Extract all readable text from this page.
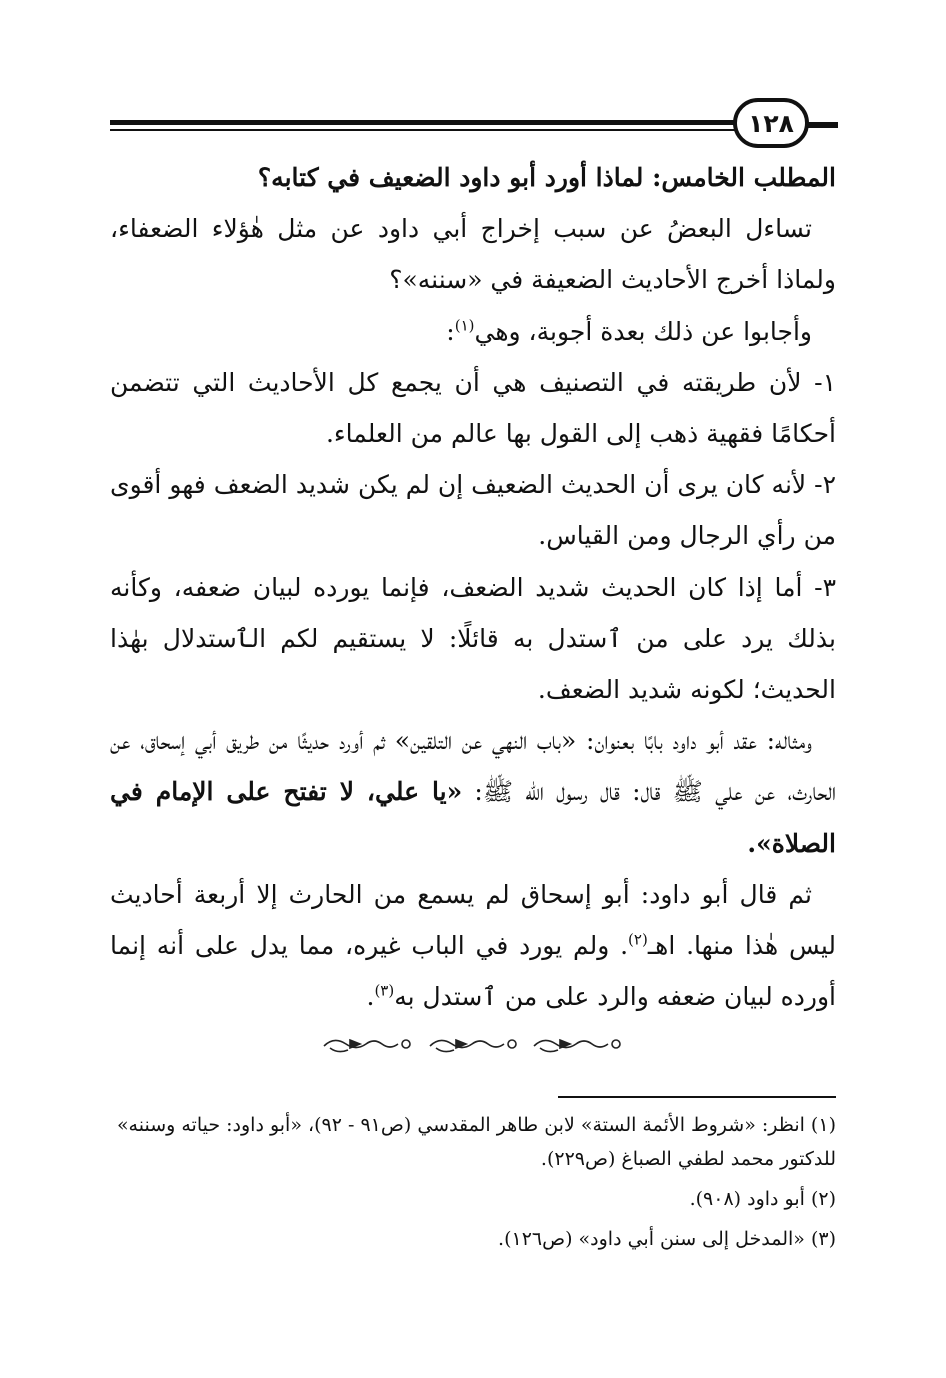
١٢٨

المطلب الخامس: لماذا أورد أبو داود الضعيف في كتابه؟

تساءل البعضُ عن سبب إخراج أبي داود عن مثل هٰؤلاء الضعفاء، ولماذا أخرج الأحاديث الضعيفة في «سننه»؟

وأجابوا عن ذلك بعدة أجوبة، وهي$^{(١)}$:

١- لأن طريقته في التصنيف هي أن يجمع كل الأحاديث التي تتضمن أحكامًا فقهية ذهب إلى القول بها عالم من العلماء.

٢- لأنه كان يرى أن الحديث الضعيف إن لم يكن شديد الضعف فهو أقوى من رأي الرجال ومن القياس.

٣- أما إذا كان الحديث شديد الضعف، فإنما يورده لبيان ضعفه، وكأنه بذلك يرد على من ٱستدل به قائلًا: لا يستقيم لكم الٱستدلال بهٰذا الحديث؛ لكونه شديد الضعف.

ومثاله: عقد أبو داود بابًا بعنوان: «باب النهي عن التلقين» ثم أورد حديثًا من طريق أبي إسحاق، عن الحارث، عن علي ﷺ قال: قال رسول الله ﷺ: «يا علي، لا تفتح على الإمام في الصلاة».

ثم قال أبو داود: أبو إسحاق لم يسمع من الحارث إلا أربعة أحاديث ليس هٰذا منها. اهـ$^{(٢)}$. ولم يورد في الباب غيره، مما يدل على أنه إنما أورده لبيان ضعفه والرد على من ٱستدل به$^{(٣)}$.

(١) انظر: «شروط الأئمة الستة» لابن طاهر المقدسي (ص٩١ - ٩٢)، «أبو داود: حياته وسننه» للدكتور محمد لطفي الصباغ (ص٢٢٩).

(٢) أبو داود (٩٠٨).

(٣) «المدخل إلى سنن أبي داود» (ص١٢٦).
